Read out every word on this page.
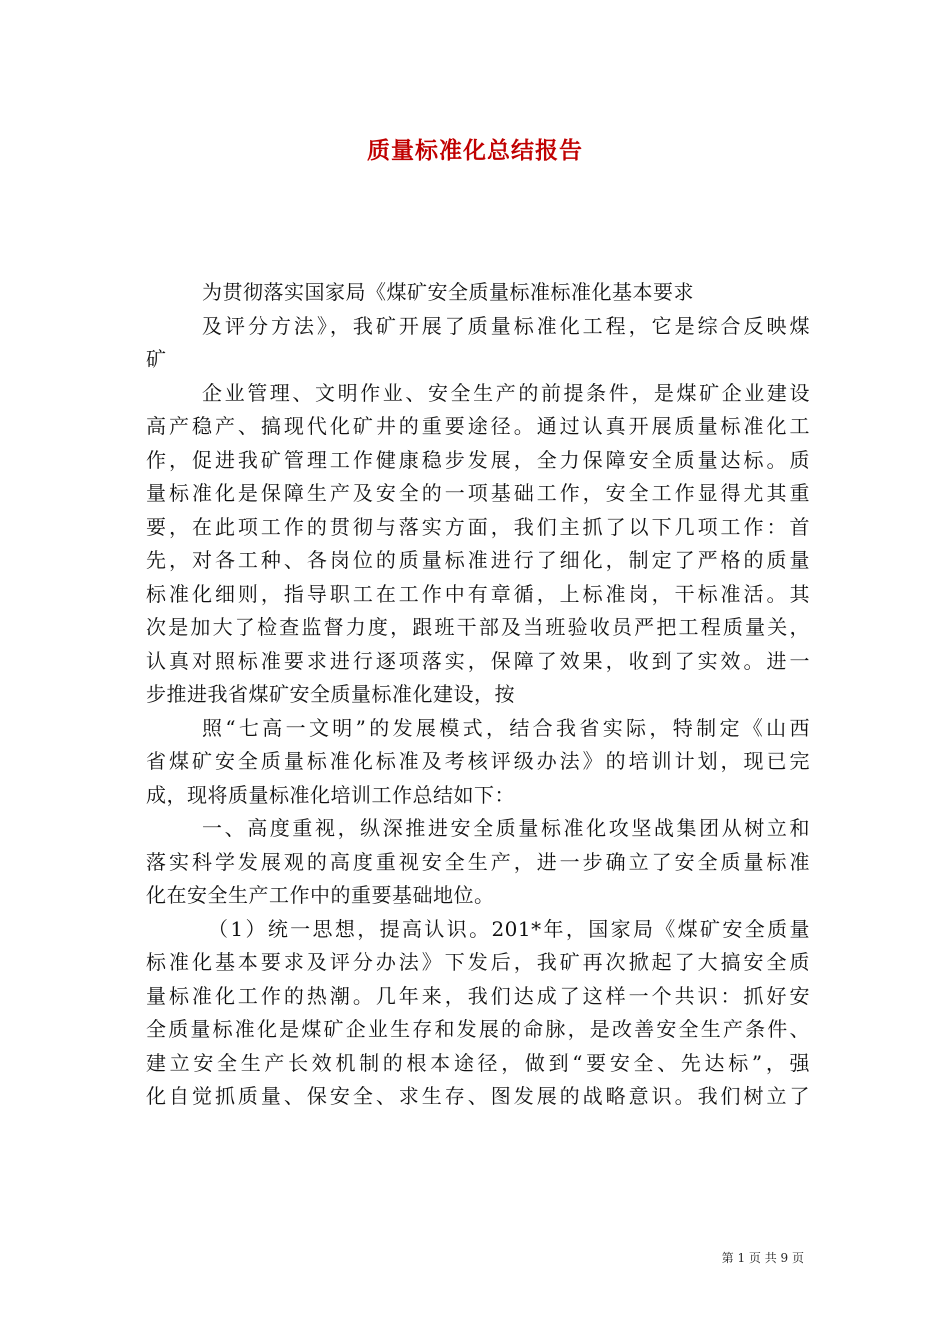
质量标准化总结报告
为贯彻落实国家局《煤矿安全质量标准标准化基本要求
及评分方法》，我矿开展了质量标准化工程，它是综合反映煤
矿
企业管理、文明作业、安全生产的前提条件，是煤矿企业建设
高产稳产、搞现代化矿井的重要途径。通过认真开展质量标准化工
作，促进我矿管理工作健康稳步发展，全力保障安全质量达标。质
量标准化是保障生产及安全的一项基础工作，安全工作显得尤其重
要，在此项工作的贯彻与落实方面，我们主抓了以下几项工作：首
先，对各工种、各岗位的质量标准进行了细化，制定了严格的质量
标准化细则，指导职工在工作中有章循，上标准岗，干标准活。其
次是加大了检查监督力度，跟班干部及当班验收员严把工程质量关，
认真对照标准要求进行逐项落实，保障了效果，收到了实效。进一
步推进我省煤矿安全质量标准化建设，按
照“七高一文明”的发展模式，结合我省实际，特制定《山西
省煤矿安全质量标准化标准及考核评级办法》的培训计划，现已完
成，现将质量标准化培训工作总结如下：
一、高度重视，纵深推进安全质量标准化攻坚战集团从树立和
落实科学发展观的高度重视安全生产，进一步确立了安全质量标准
化在安全生产工作中的重要基础地位。
（1）统一思想，提高认识。201*年，国家局《煤矿安全质量
标准化基本要求及评分办法》下发后，我矿再次掀起了大搞安全质
量标准化工作的热潮。几年来，我们达成了这样一个共识：抓好安
全质量标准化是煤矿企业生存和发展的命脉，是改善安全生产条件、
建立安全生产长效机制的根本途径，做到“要安全、先达标”，强
化自觉抓质量、保安全、求生存、图发展的战略意识。我们树立了
第 1 页 共 9 页
